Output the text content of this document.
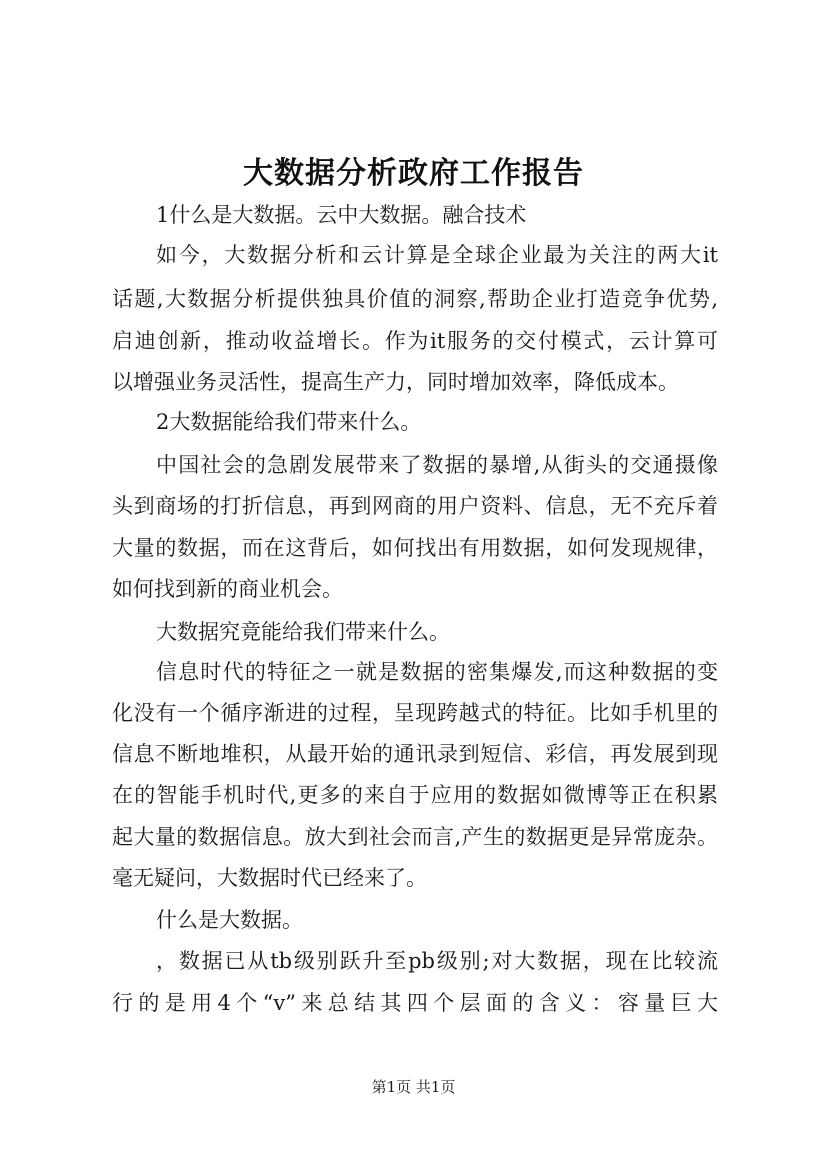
大数据分析政府工作报告
1什么是大数据。云中大数据。融合技术
如今，大数据分析和云计算是全球企业最为关注的两大it
话题,大数据分析提供独具价值的洞察,帮助企业打造竞争优势,
启迪创新，推动收益增长。作为it服务的交付模式，云计算可
以增强业务灵活性，提高生产力，同时增加效率，降低成本。
2大数据能给我们带来什么。
中国社会的急剧发展带来了数据的暴增,从街头的交通摄像
头到商场的打折信息，再到网商的用户资料、信息，无不充斥着
大量的数据，而在这背后，如何找出有用数据，如何发现规律，
如何找到新的商业机会。
大数据究竟能给我们带来什么。
信息时代的特征之一就是数据的密集爆发,而这种数据的变
化没有一个循序渐进的过程，呈现跨越式的特征。比如手机里的
信息不断地堆积，从最开始的通讯录到短信、彩信，再发展到现
在的智能手机时代,更多的来自于应用的数据如微博等正在积累
起大量的数据信息。放大到社会而言,产生的数据更是异常庞杂。
毫无疑问，大数据时代已经来了。
什么是大数据。
，数据已从tb级别跃升至pb级别;对大数据，现在比较流
行的是用4个“v”来总结其四个层面的含义：容量巨大
第1页 共1页
